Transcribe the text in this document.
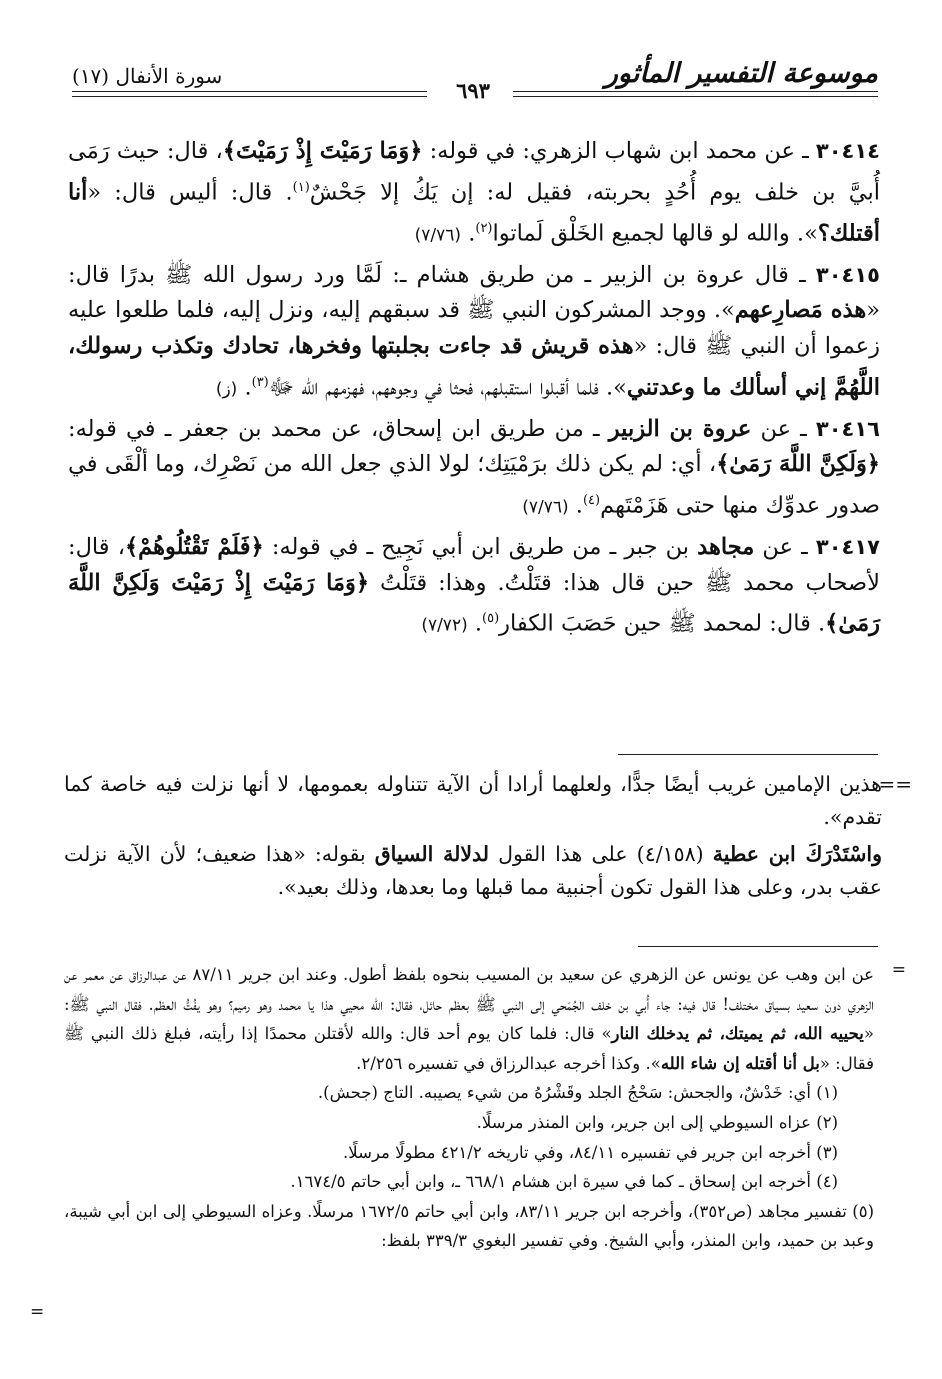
موسوعة التفسير المأثور
سورة الأنفال (١٧)
٦٩٣

٣٠٤١٤ ـ عن محمد ابن شهاب الزهري: في قوله: ﴿وَمَا رَمَيْتَ إِذْ رَمَيْتَ﴾، قال: حيث رَمَى أُبيَّ بن خلف يوم أُحُدٍ بحربته، فقيل له: إن يَكُ إلا جَحْشٌ$^{(١)}$. قال: أليس قال: «أنا أقتلك؟». والله لو قالها لجميع الخَلْق لَماتوا$^{(٢)}$. (٧/٧٦)

٣٠٤١٥ ـ قال عروة بن الزبير ـ من طريق هشام ـ: لَمَّا ورد رسول الله ﷺ بدرًا قال: «هذه مَصارِعهم». ووجد المشركون النبي ﷺ قد سبقهم إليه، ونزل إليه، فلما طلعوا عليه زعموا أن النبي ﷺ قال: «هذه قريش قد جاءت بجلبتها وفخرها، تحادك وتكذب رسولك، اللَّهُمَّ إني أسألك ما وعدتني». فلما أقبلوا استقبلهم، فحثا في وجوههم، فهزمهم الله ﷻ$^{(٣)}$. (ز)

٣٠٤١٦ ـ عن عروة بن الزبير ـ من طريق ابن إسحاق، عن محمد بن جعفر ـ في قوله: ﴿وَلَكِنَّ اللَّهَ رَمَىٰ﴾، أي: لم يكن ذلك برَمْيَتِك؛ لولا الذي جعل الله من نَصْرِك، وما ألْقَى في صدور عدوِّك منها حتى هَزَمْتَهم$^{(٤)}$. (٧/٧٦)

٣٠٤١٧ ـ عن مجاهد بن جبر ـ من طريق ابن أبي نَجِيح ـ في قوله: ﴿فَلَمْ تَقْتُلُوهُمْ﴾، قال: لأصحاب محمد ﷺ حين قال هذا: قتَلْتُ. وهذا: قتَلْتُ ﴿وَمَا رَمَيْتَ إِذْ رَمَيْتَ وَلَكِنَّ اللَّهَ رَمَىٰ﴾. قال: لمحمد ﷺ حين حَصَبَ الكفار$^{(٥)}$. (٧/٧٢)

==

هذين الإمامين غريب أيضًا جدًّا، ولعلهما أرادا أن الآية تتناوله بعمومها، لا أنها نزلت فيه خاصة كما تقدم».

واسْتَدْرَكَ ابن عطية (٤/١٥٨) على هذا القول لدلالة السياق بقوله: «هذا ضعيف؛ لأن الآية نزلت عقب بدر، وعلى هذا القول تكون أجنبية مما قبلها وما بعدها، وذلك بعيد».

=

عن ابن وهب عن يونس عن الزهري عن سعيد بن المسيب بنحوه بلفظ أطول. وعند ابن جرير ٨٧/١١ عن عبدالرزاق عن معمر عن الزهري دون سعيد بسياق مختلف! قال فيه: جاء أُبي بن خلف الجُمَحي إلى النبي ﷺ بعظم حائل، فقال: الله محيي هذا يا محمد وهو رميم؟ وهو يفُتُّ العظم. فقال النبي ﷺ: «يحييه الله، ثم يميتك، ثم يدخلك النار» قال: فلما كان يوم أحد قال: والله لأقتلن محمدًا إذا رأيته، فبلغ ذلك النبي ﷺ فقال: «بل أنا أقتله إن شاء الله». وكذا أخرجه عبدالرزاق في تفسيره ٢/٢٥٦.

(١) أي: خَدْشٌ، والجحش: سَحْجُ الجلد وقَشْرُهُ من شيء يصيبه. التاج (جحش).

(٢) عزاه السيوطي إلى ابن جرير، وابن المنذر مرسلًا.

(٣) أخرجه ابن جرير في تفسيره ٨٤/١١، وفي تاريخه ٤٢١/٢ مطولًا مرسلًا.

(٤) أخرجه ابن إسحاق ـ كما في سيرة ابن هشام ٦٦٨/١ ـ، وابن أبي حاتم ١٦٧٤/٥.

(٥) تفسير مجاهد (ص٣٥٢)، وأخرجه ابن جرير ٨٣/١١، وابن أبي حاتم ١٦٧٢/٥ مرسلًا. وعزاه السيوطي إلى ابن أبي شيبة، وعبد بن حميد، وابن المنذر، وأبي الشيخ. وفي تفسير البغوي ٣٣٩/٣ بلفظ:

=
